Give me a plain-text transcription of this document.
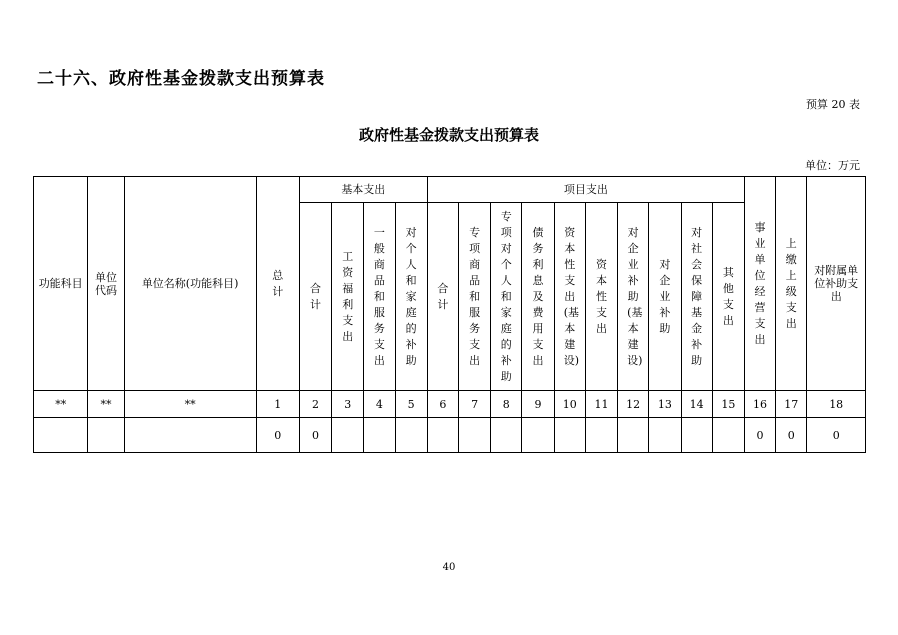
二十六、政府性基金拨款支出预算表
预算 20 表
政府性基金拨款支出预算表
单位：万元
功能科目	单位代码	单位名称(功能科目)	总计	基本支出				项目支出										事业单位经营支出	上缴上级支出	对附属单位补助支出
				合计	工资福利支出	一般商品和服务支出	对个人和家庭的补助	合计	专项商品和服务支出	专项对个人和家庭的补助	债务利息及费用支出	资本性支出(基本建设)	资本性支出	对企业补助(基本建设)	对企业补助	对社会保障基金补助	其他支出			
**	**	**	1	2	3	4	5	6	7	8	9	10	11	12	13	14	15	16	17	18
			0	0														0	0	0
40
